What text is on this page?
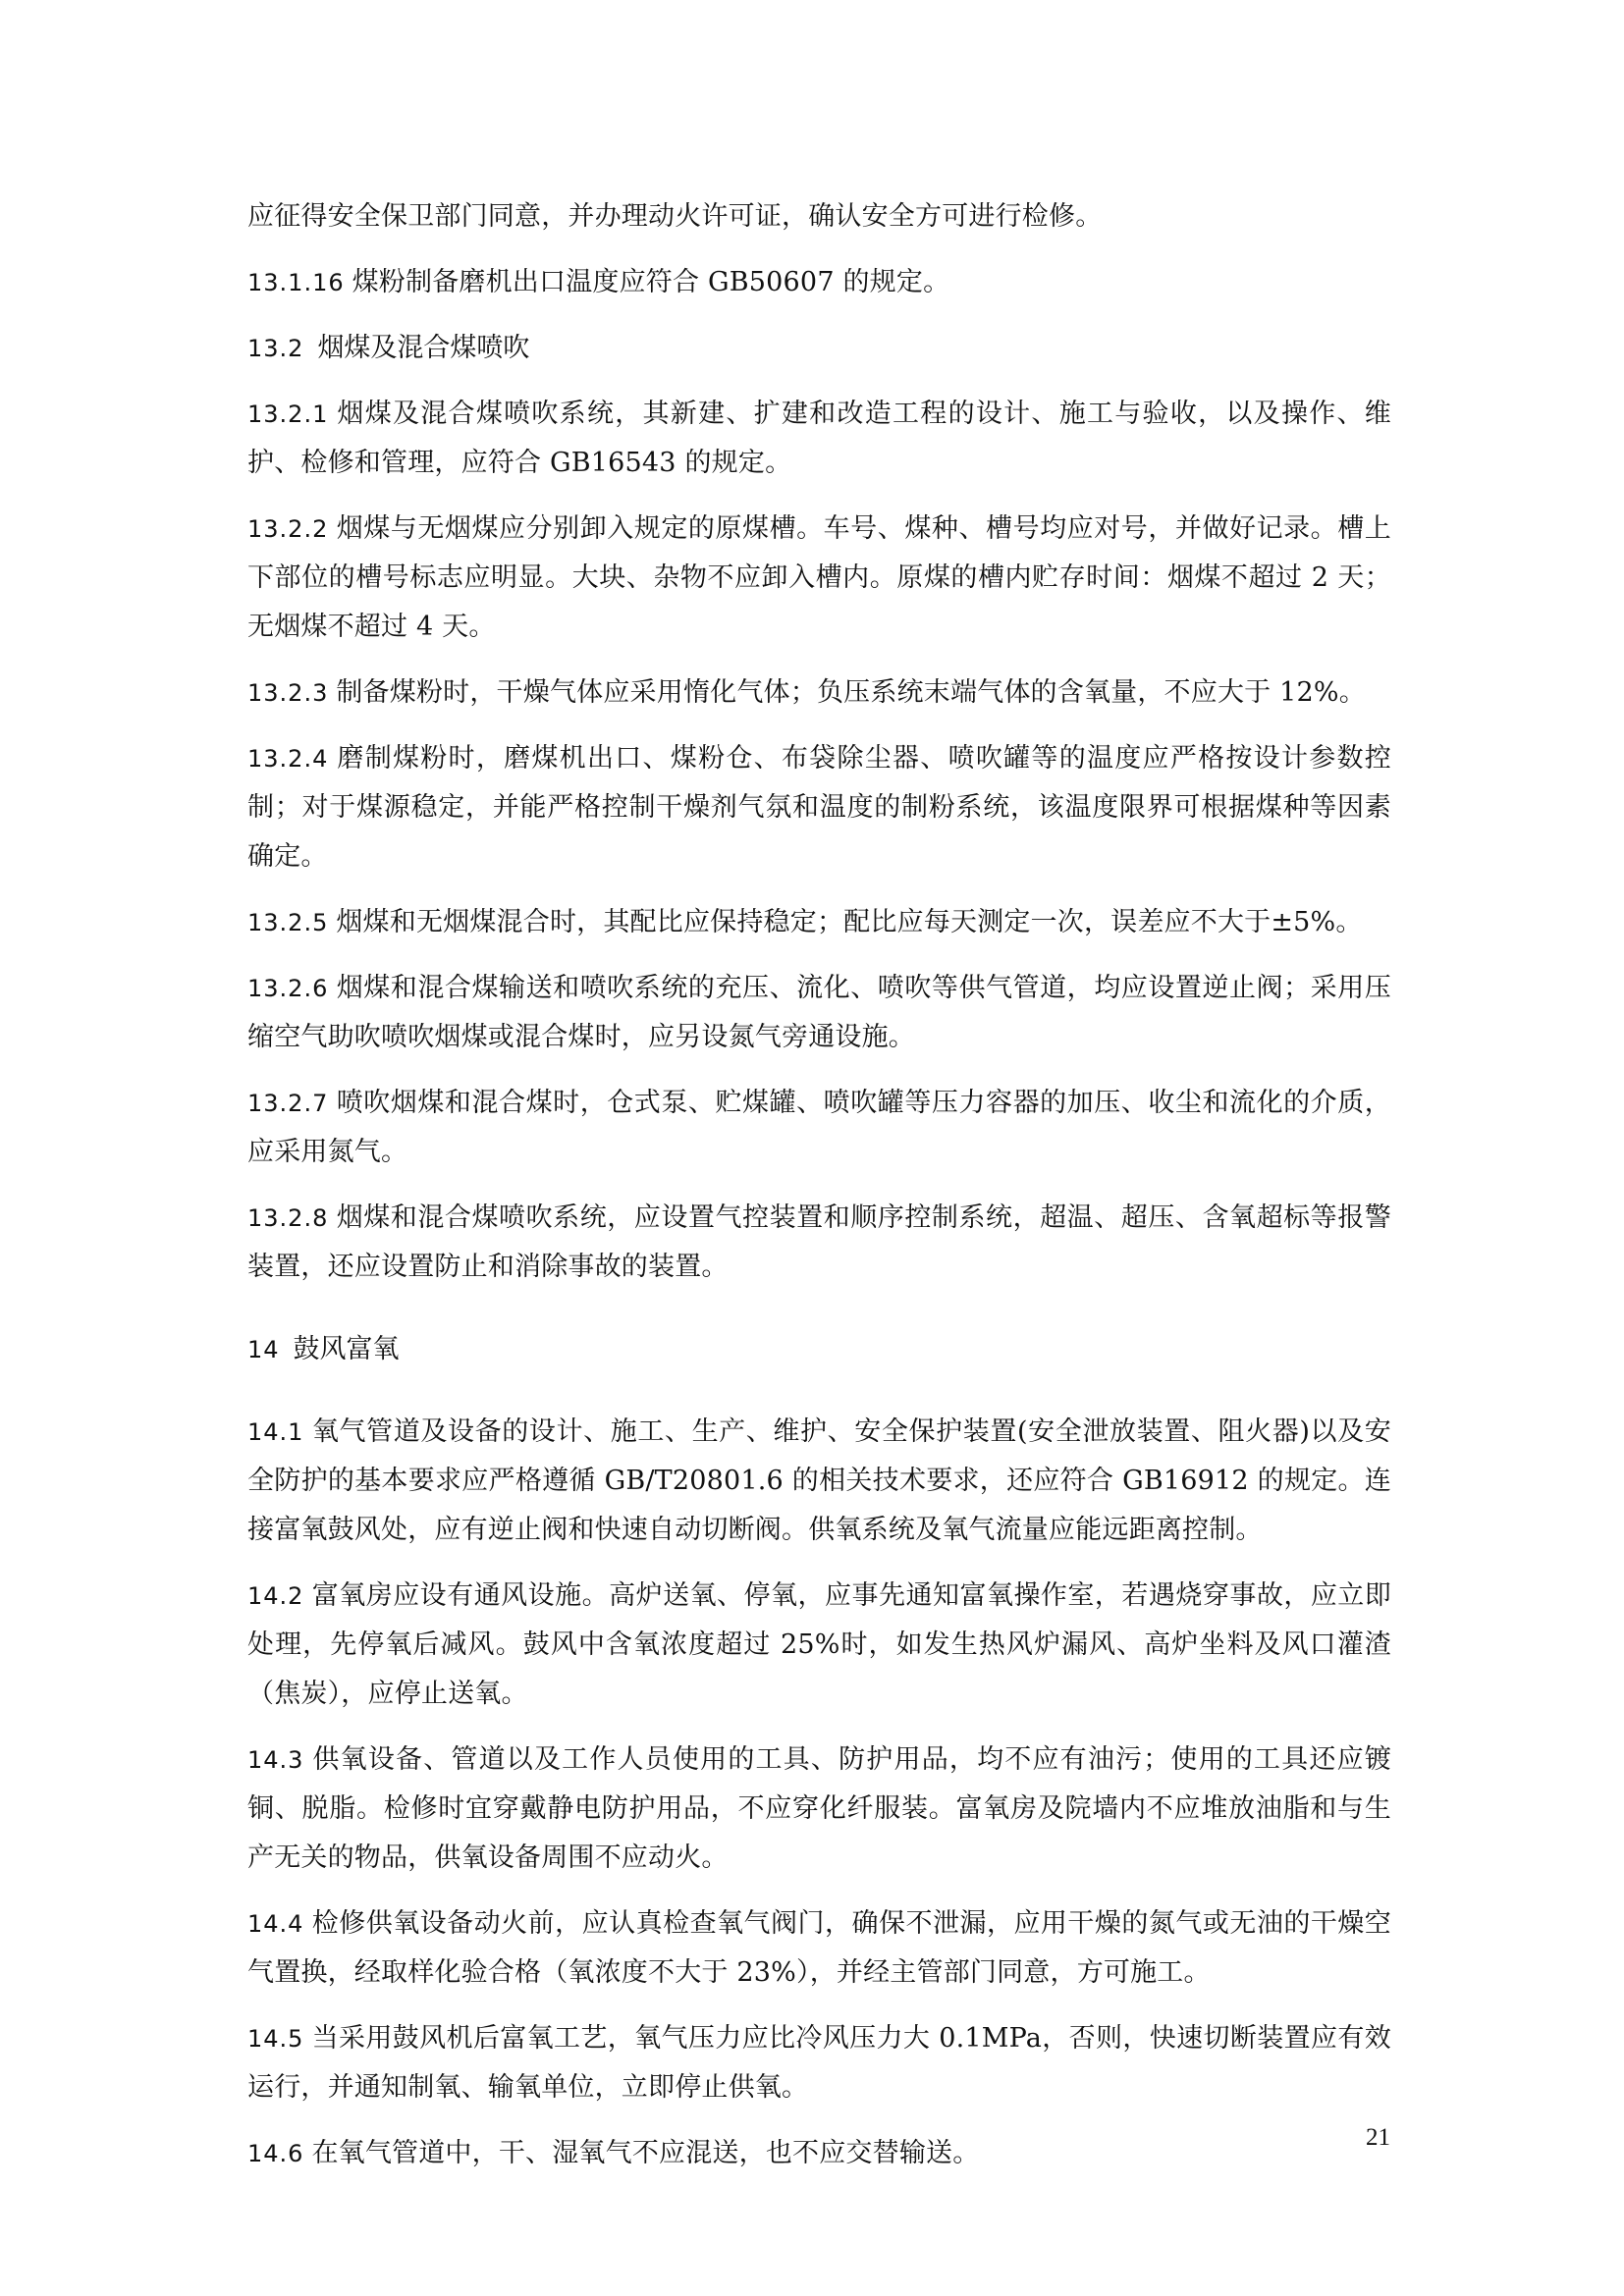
应征得安全保卫部门同意，并办理动火许可证，确认安全方可进行检修。

13.1.16 煤粉制备磨机出口温度应符合 GB50607 的规定。

13.2 烟煤及混合煤喷吹

13.2.1 烟煤及混合煤喷吹系统，其新建、扩建和改造工程的设计、施工与验收，以及操作、维护、检修和管理，应符合 GB16543 的规定。

13.2.2 烟煤与无烟煤应分别卸入规定的原煤槽。车号、煤种、槽号均应对号，并做好记录。槽上下部位的槽号标志应明显。大块、杂物不应卸入槽内。原煤的槽内贮存时间：烟煤不超过 2 天；无烟煤不超过 4 天。

13.2.3 制备煤粉时，干燥气体应采用惰化气体；负压系统末端气体的含氧量，不应大于 12%。

13.2.4 磨制煤粉时，磨煤机出口、煤粉仓、布袋除尘器、喷吹罐等的温度应严格按设计参数控制；对于煤源稳定，并能严格控制干燥剂气氛和温度的制粉系统，该温度限界可根据煤种等因素确定。

13.2.5 烟煤和无烟煤混合时，其配比应保持稳定；配比应每天测定一次，误差应不大于±5%。

13.2.6 烟煤和混合煤输送和喷吹系统的充压、流化、喷吹等供气管道，均应设置逆止阀；采用压缩空气助吹喷吹烟煤或混合煤时，应另设氮气旁通设施。

13.2.7 喷吹烟煤和混合煤时，仓式泵、贮煤罐、喷吹罐等压力容器的加压、收尘和流化的介质，应采用氮气。

13.2.8 烟煤和混合煤喷吹系统，应设置气控装置和顺序控制系统，超温、超压、含氧超标等报警装置，还应设置防止和消除事故的装置。

14 鼓风富氧

14.1 氧气管道及设备的设计、施工、生产、维护、安全保护装置(安全泄放装置、阻火器)以及安全防护的基本要求应严格遵循 GB/T20801.6 的相关技术要求，还应符合 GB16912 的规定。连接富氧鼓风处，应有逆止阀和快速自动切断阀。供氧系统及氧气流量应能远距离控制。

14.2 富氧房应设有通风设施。高炉送氧、停氧，应事先通知富氧操作室，若遇烧穿事故，应立即处理，先停氧后减风。鼓风中含氧浓度超过 25%时，如发生热风炉漏风、高炉坐料及风口灌渣（焦炭），应停止送氧。

14.3 供氧设备、管道以及工作人员使用的工具、防护用品，均不应有油污；使用的工具还应镀铜、脱脂。检修时宜穿戴静电防护用品，不应穿化纤服装。富氧房及院墙内不应堆放油脂和与生产无关的物品，供氧设备周围不应动火。

14.4 检修供氧设备动火前，应认真检查氧气阀门，确保不泄漏，应用干燥的氮气或无油的干燥空气置换，经取样化验合格（氧浓度不大于 23%），并经主管部门同意，方可施工。

14.5 当采用鼓风机后富氧工艺，氧气压力应比冷风压力大 0.1MPa，否则，快速切断装置应有效运行，并通知制氧、输氧单位，立即停止供氧。

14.6 在氧气管道中，干、湿氧气不应混送，也不应交替输送。

21
